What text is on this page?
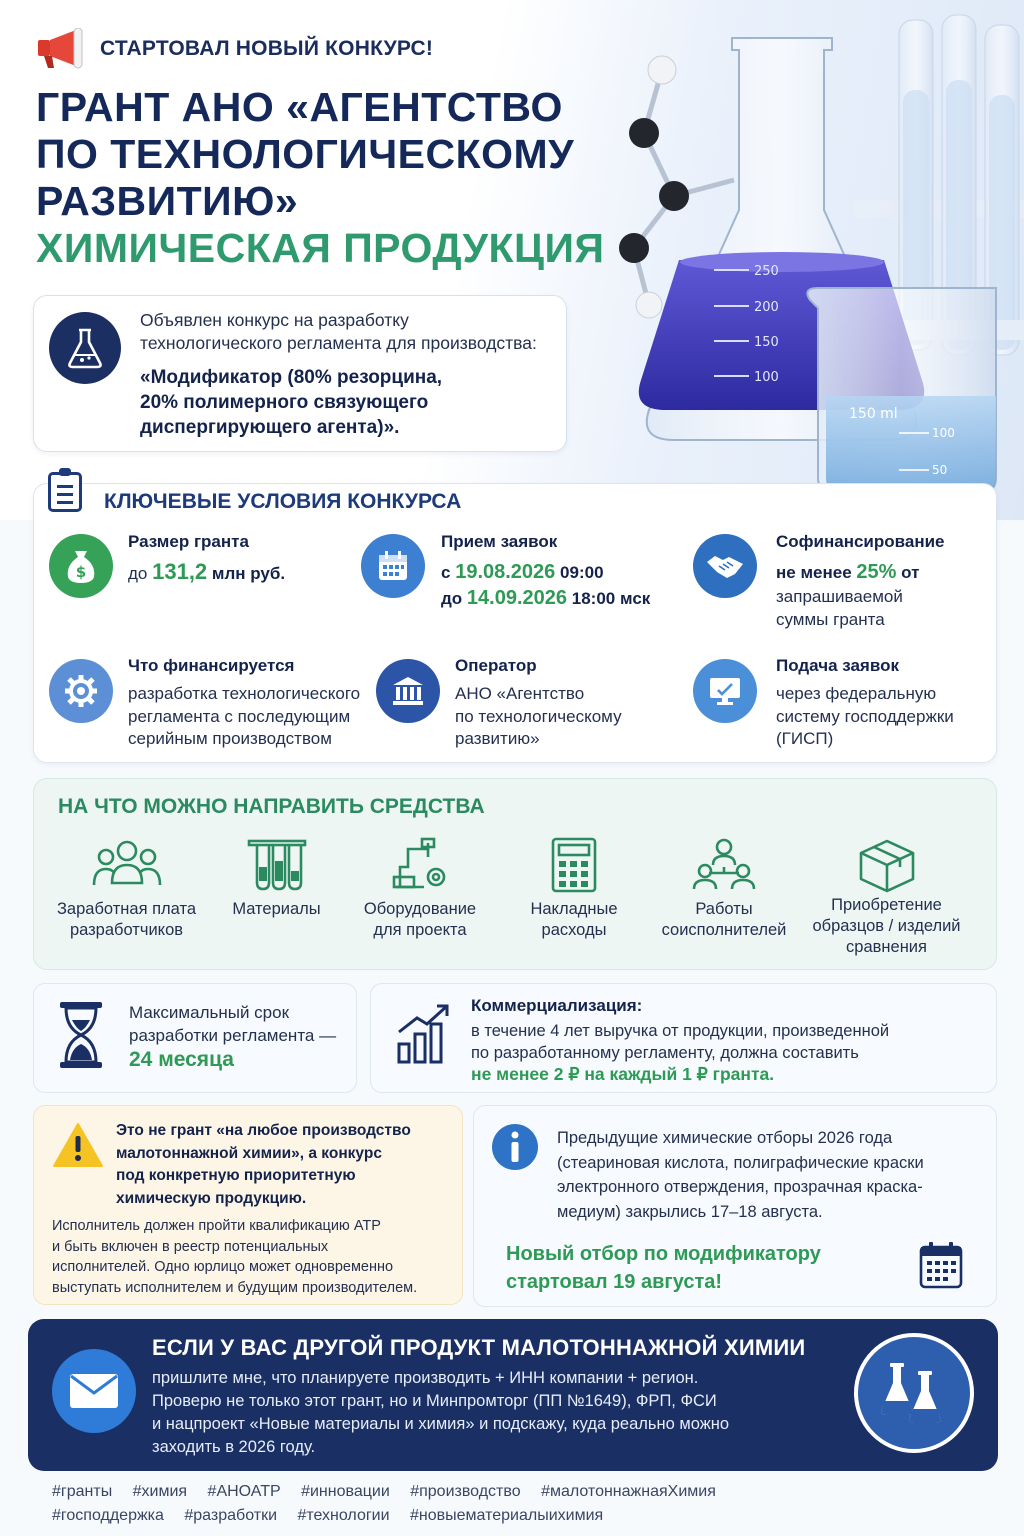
250
200
150
100
150 ml
100
50
СТАРТОВАЛ НОВЫЙ КОНКУРС!
ГРАНТ АНО «АГЕНТСТВО
ПО ТЕХНОЛОГИЧЕСКОМУ
РАЗВИТИЮ»
ХИМИЧЕСКАЯ ПРОДУКЦИЯ
Объявлен конкурс на разработку
технологического регламента для производства:
«Модификатор (80% резорцина,
20% полимерного связующего
диспергирующего агента)».
КЛЮЧЕВЫЕ УСЛОВИЯ КОНКУРСА
$
Размер гранта
до 131,2 млн руб.
Прием заявок
с 19.08.2026 09:00
до 14.09.2026 18:00 мск
Софинансирование
не менее 25% от
запрашиваемой
суммы гранта
Что финансируется
разработка технологического
регламента с последующим
серийным производством
Оператор
АНО «Агентство
по технологическому
развитию»
Подача заявок
через федеральную
систему господдержки
(ГИСП)
НА ЧТО МОЖНО НАПРАВИТЬ СРЕДСТВА
Заработная плата
разработчиков
Материалы	Оборудование
для проекта
Накладные
расходы
Работы
соисполнителей
Приобретение
образцов / изделий
сравнения
Максимальный срок
разработки регламента —
24 месяца
Коммерциализация:
в течение 4 лет выручка от продукции, произведенной
по разработанному регламенту, должна составить
не менее 2 ₽ на каждый 1 ₽ гранта.
Это не грант «на любое производство
малотоннажной химии», а конкурс
под конкретную приоритетную
химическую продукцию.
Исполнитель должен пройти квалификацию АТР
и быть включен в реестр потенциальных
исполнителей. Одно юрлицо может одновременно
выступать исполнителем и будущим производителем.
Предыдущие химические отборы 2026 года
(стеариновая кислота, полиграфические краски
электронного отверждения, прозрачная краска-
медиум) закрылись 17–18 августа.
Новый отбор по модификатору
стартовал 19 августа!
ЕСЛИ У ВАС ДРУГОЙ ПРОДУКТ МАЛОТОННАЖНОЙ ХИМИИ
пришлите мне, что планируете производить + ИНН компании + регион.
Проверю не только этот грант, но и Минпромторг (ПП №1649), ФРП, ФСИ
и нацпроект «Новые материалы и химия» и подскажу, куда реально можно
заходить в 2026 году.
#гранты #химия #АНОАТР #инновации #производство #малотоннажнаяХимия
#господдержка #разработки #технологии #новыематериалыихимия
